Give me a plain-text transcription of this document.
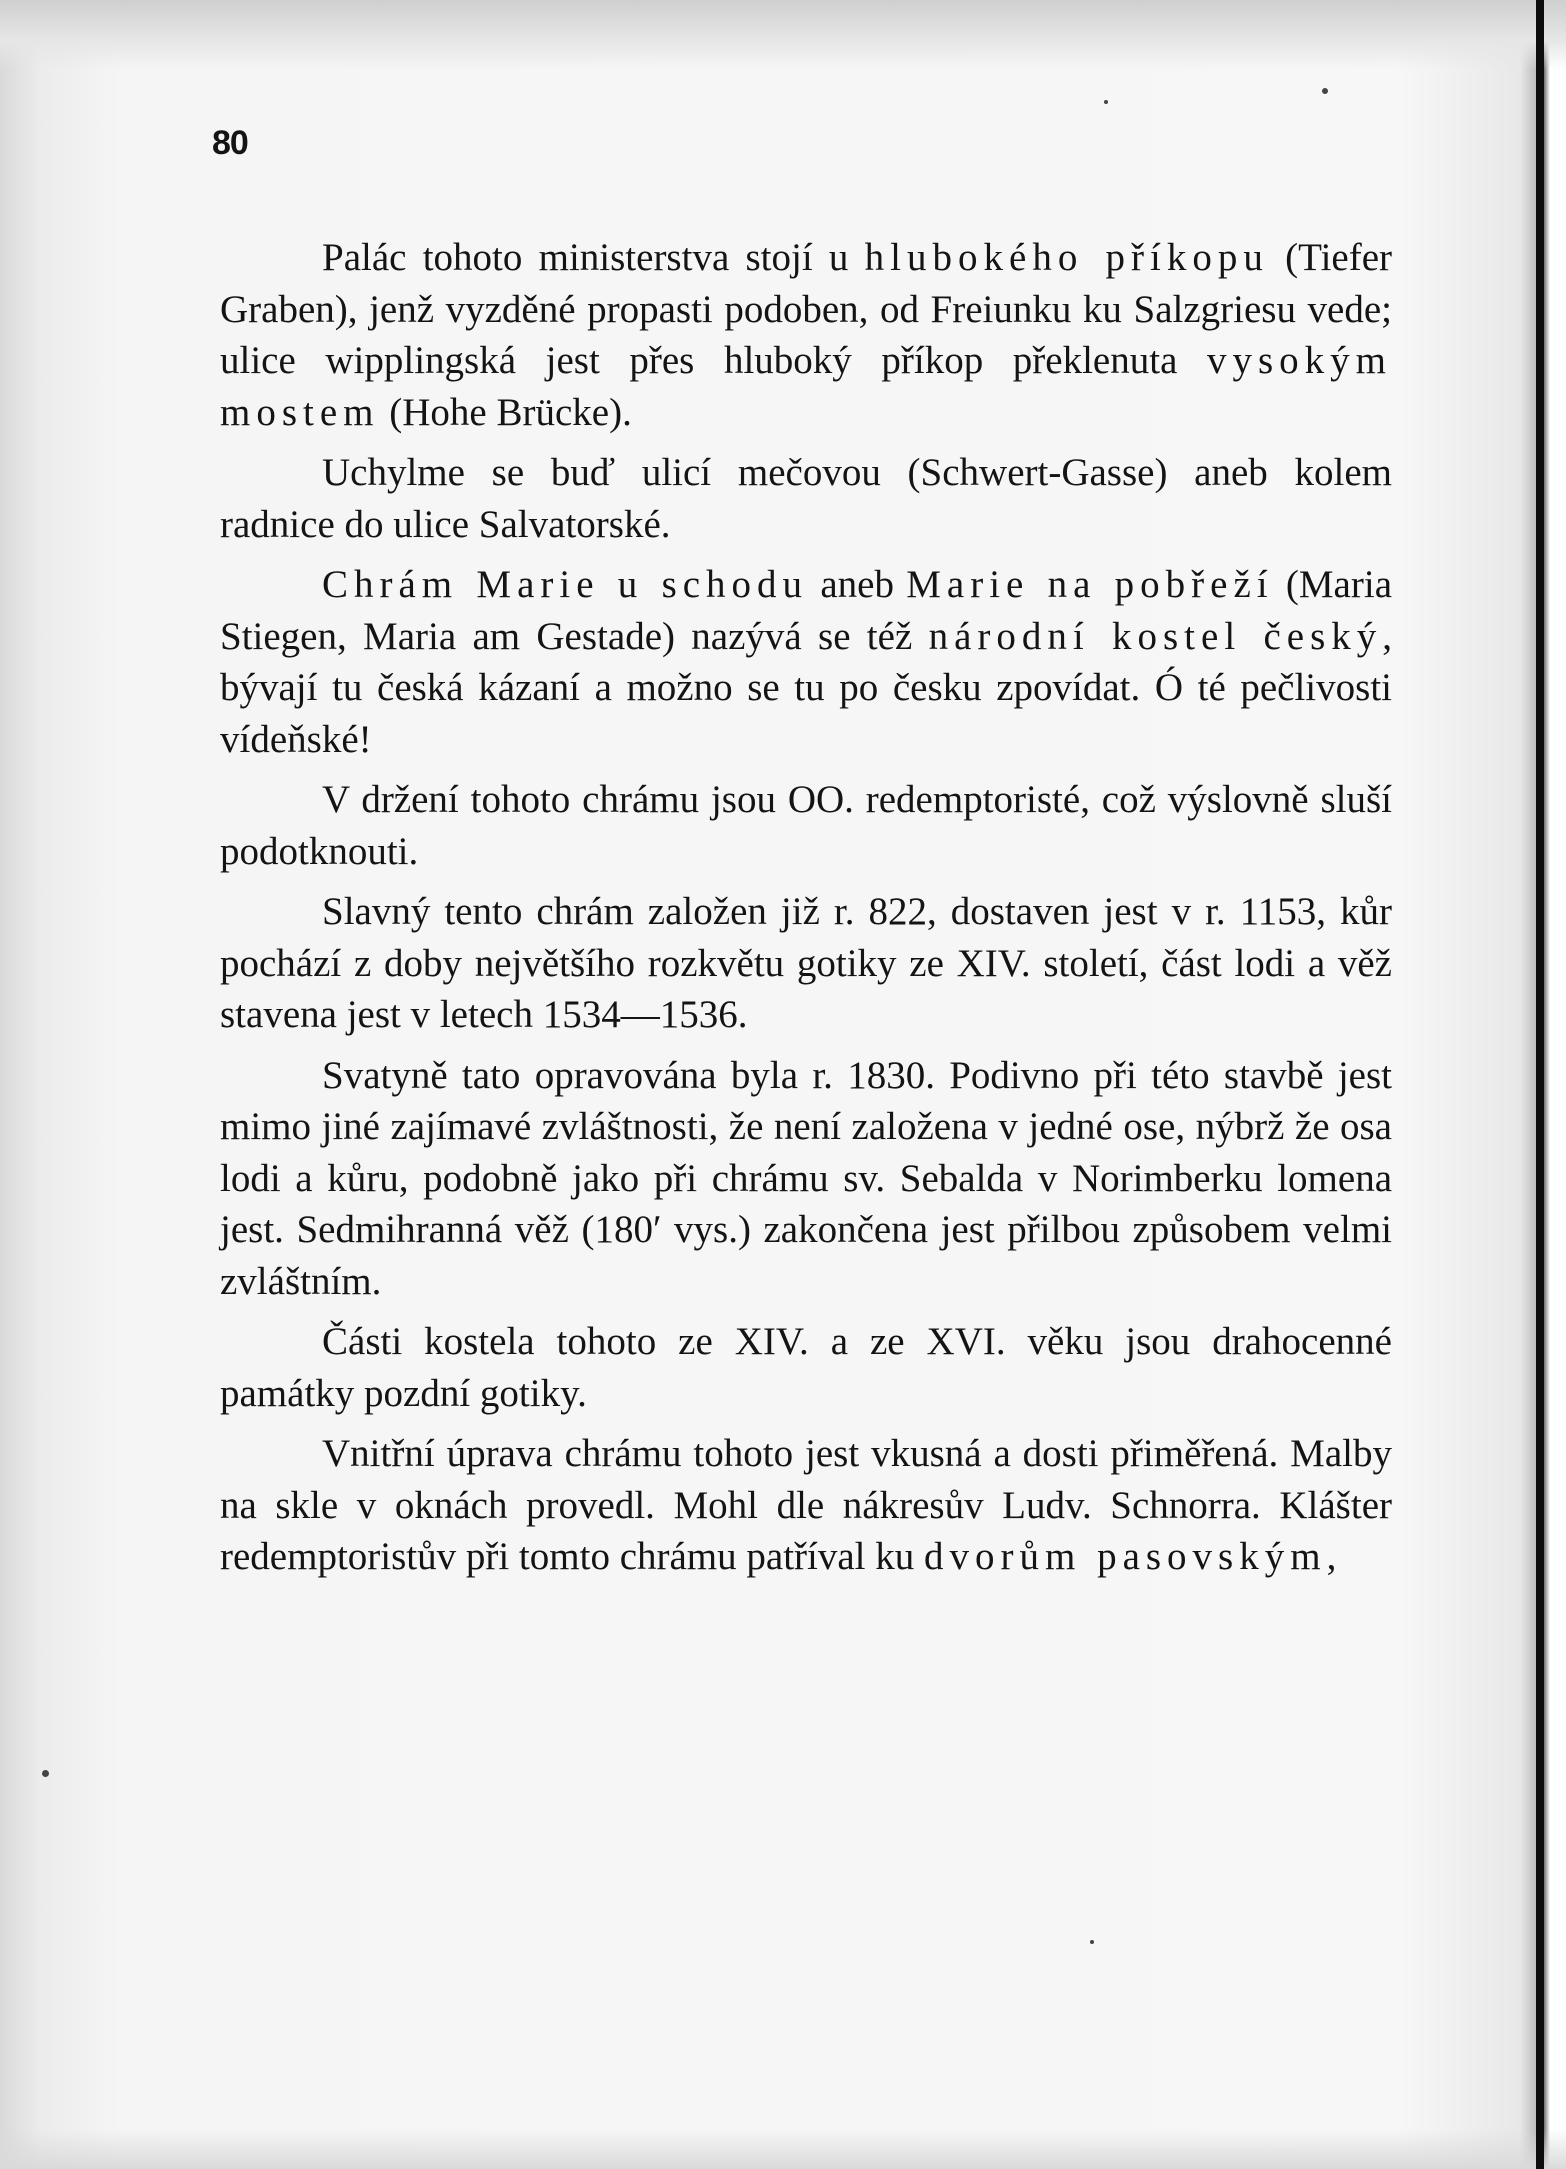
80

Palác tohoto ministerstva stojí u hlubokého příkopu (Tiefer Graben), jenž vyzděné propasti podoben, od Freiunku ku Salzgriesu vede; ulice wipplingská jest přes hluboký příkop překlenuta vysokým mostem (Hohe Brücke).

Uchylme se buď ulicí mečovou (Schwert-Gasse) aneb kolem radnice do ulice Salvatorské.

Chrám Marie u schodu aneb Marie na pobřeží (Maria Stiegen, Maria am Gestade) nazývá se též národní kostel český, bývají tu česká kázaní a možno se tu po česku zpovídat. Ó té pečlivosti vídeňské!

V držení tohoto chrámu jsou OO. redemptoristé, což výslovně sluší podotknouti.

Slavný tento chrám založen již r. 822, dostaven jest v r. 1153, kůr pochází z doby největšího rozkvětu gotiky ze XIV. století, část lodi a věž stavena jest v letech 1534—1536.

Svatyně tato opravována byla r. 1830. Podivno při této stavbě jest mimo jiné zajímavé zvláštnosti, že není založena v jedné ose, nýbrž že osa lodi a kůru, podobně jako při chrámu sv. Sebalda v Norimberku lomena jest. Sedmihranná věž (180ʹ vys.) zakončena jest přilbou způsobem velmi zvláštním.

Části kostela tohoto ze XIV. a ze XVI. věku jsou drahocenné památky pozdní gotiky.

Vnitřní úprava chrámu tohoto jest vkusná a dosti přiměřená. Malby na skle v oknách provedl. Mohl dle nákresův Ludv. Schnorra. Klášter redemptoristův při tomto chrámu patříval ku dvorům pasovským,
